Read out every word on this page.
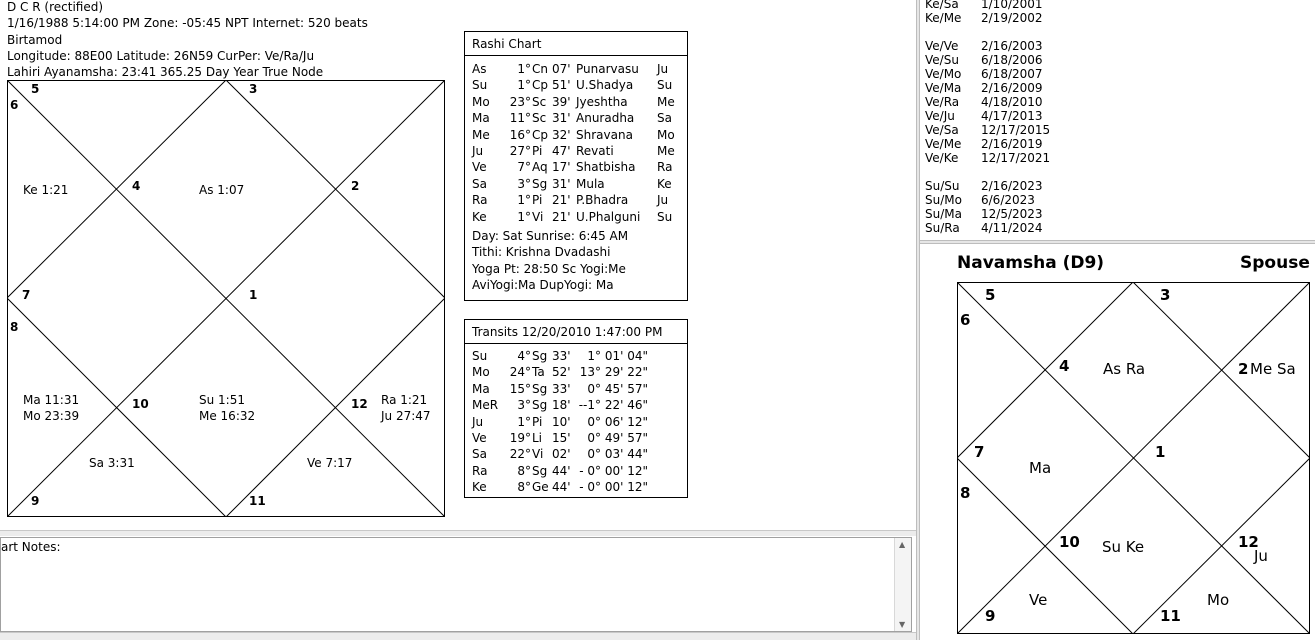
D C R (rectified)
1/16/1988 5:14:00 PM Zone: -05:45 NPT Internet: 520 beats
Birtamod
Longitude: 88E00 Latitude: 26N59 CurPer: Ve/Ra/Ju
Lahiri Ayanamsha: 23:41 365.25 Day Year True Node
5	3
6
4	2
7	1
8
10	12
9	11
As 1:07
Ke 1:21
Ma 11:31
Mo 23:39
Sa 3:31
Su 1:51
Me 16:32
Ve 7:17
Ra 1:21
Ju 27:47
Rashi Chart
As	1° Cn 07' Punarvasu Ju
Su	1° Cp 51' U.Shadya Su
Mo 23° Sc 39' Jyeshtha Me
Ma 11° Sc 31' Anuradha Sa
Me 16° Cp 32' Shravana Mo
Ju 27° Pi 47' Revati	Me
Ve	7° Aq 17' Shatbisha Ra
Sa	3° Sg 31' Mula	Ke
Ra 1° Pi 21' P.Bhadra Ju
Ke	1° Vi 21' U.Phalguni Su
Day: Sat Sunrise: 6:45 AM
Tithi: Krishna Dvadashi
Yoga Pt: 28:50 Sc Yogi:Me
AviYogi:Ma DupYogi: Ma
Transits 12/20/2010 1:47:00 PM
Su	4° Sg 33' 1° 01' 04"
Mo 24° Ta 52' 13° 29' 22"
Ma 15° Sg 33' 0° 45' 57"
MeR 3° Sg 18' --1° 22' 46"
Ju	1° Pi 10' 0° 06' 12"
Ve 19° Li 15' 0° 49' 57"
Sa 22° Vi 02' 0° 03' 44"
Ra 8° Sg 44' - 0° 00' 12"
Ke	8° Ge 44' - 0° 00' 12"
Ke/Sa 1/10/2001
Ke/Me 2/19/2002
Ve/Ve 2/16/2003
Ve/Su 6/18/2006
Ve/Mo 6/18/2007
Ve/Ma 2/16/2009
Ve/Ra 4/18/2010
Ve/Ju 4/17/2013
Ve/Sa 12/17/2015
Ve/Me 2/16/2019
Ve/Ke 12/17/2021
Su/Su 2/16/2023
Su/Mo 6/6/2023
Su/Ma 12/5/2023
Su/Ra 4/11/2024
Navamsha (D9)	Spouse
5	3
6
4	2
7	1
8
10	12
9	11
As Ra	Me Sa
Ma
Su Ke
Mo
Ve
Ju
art Notes:	▲
▼
